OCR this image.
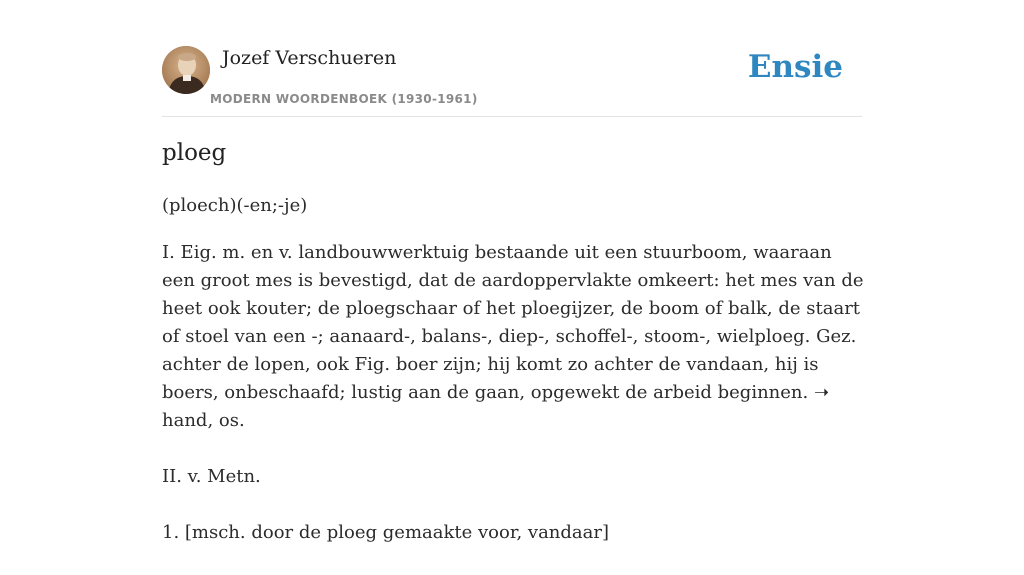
Jozef Verschueren
MODERN WOORDENBOEK (1930-1961)
Ensie
ploeg
(ploech)(-en;-je)

I. Eig. m. en v. landbouwwerktuig bestaande uit een stuurboom, waaraan een groot mes is bevestigd, dat de aardoppervlakte omkeert: het mes van de heet ook kouter; de ploegschaar of het ploegijzer, de boom of balk, de staart of stoel van een -; aanaard-, balans-, diep-, schoffel-, stoom-, wielploeg. Gez. achter de lopen, ook Fig. boer zijn; hij komt zo achter de vandaan, hij is boers, onbeschaafd; lustig aan de gaan, opgewekt de arbeid beginnen. ➝ hand, os.

II. v. Metn.

1. [msch. door de ploeg gemaakte voor, vandaar]
